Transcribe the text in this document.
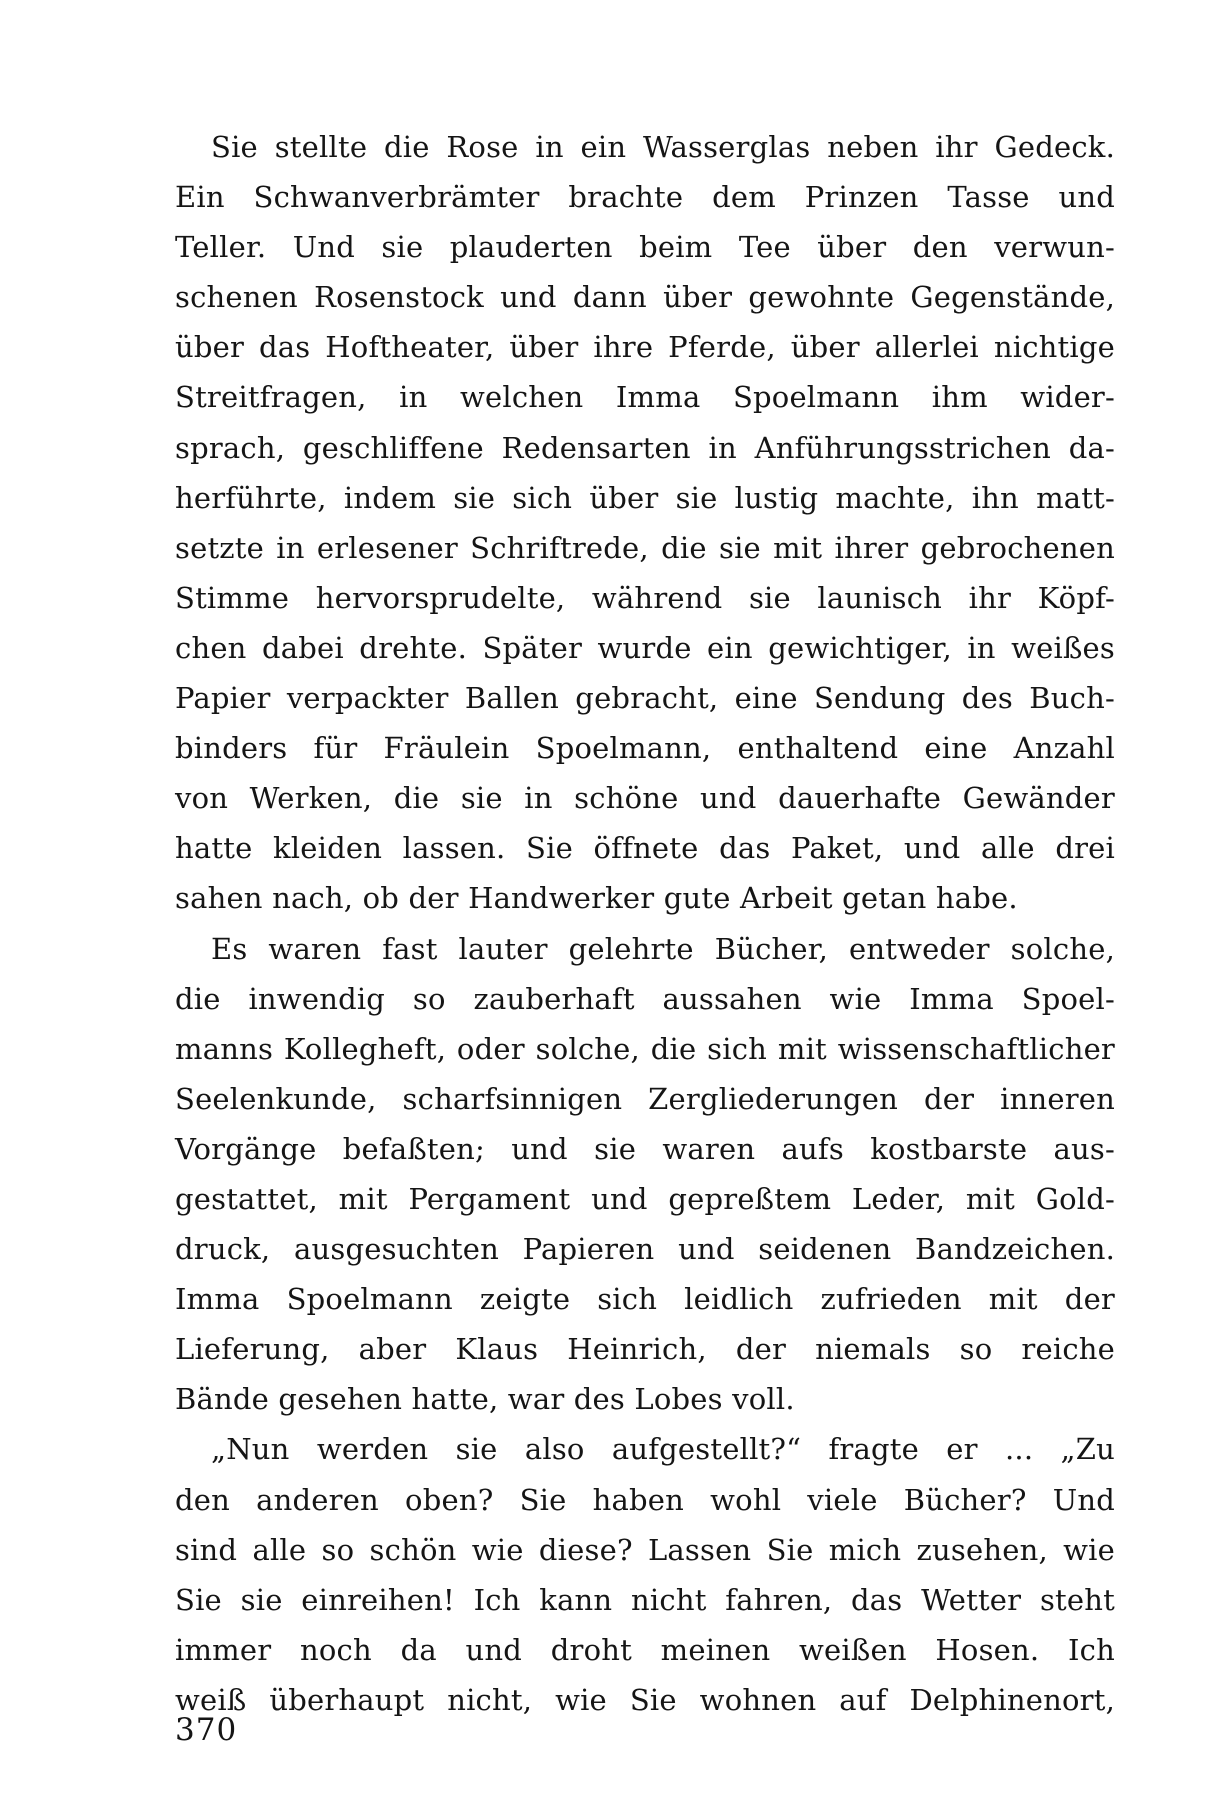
Sie stellte die Rose in ein Wasserglas neben ihr Gedeck.
Ein Schwanverbrämter brachte dem Prinzen Tasse und
Teller. Und sie plauderten beim Tee über den verwun-
schenen Rosenstock und dann über gewohnte Gegenstände,
über das Hoftheater, über ihre Pferde, über allerlei nichtige
Streitfragen, in welchen Imma Spoelmann ihm wider-
sprach, geschliffene Redensarten in Anführungsstrichen da-
herführte, indem sie sich über sie lustig machte, ihn matt-
setzte in erlesener Schriftrede, die sie mit ihrer gebrochenen
Stimme hervorsprudelte, während sie launisch ihr Köpf-
chen dabei drehte. Später wurde ein gewichtiger, in weißes
Papier verpackter Ballen gebracht, eine Sendung des Buch-
binders für Fräulein Spoelmann, enthaltend eine Anzahl
von Werken, die sie in schöne und dauerhafte Gewänder
hatte kleiden lassen. Sie öffnete das Paket, und alle drei
sahen nach, ob der Handwerker gute Arbeit getan habe.
Es waren fast lauter gelehrte Bücher, entweder solche,
die inwendig so zauberhaft aussahen wie Imma Spoel-
manns Kollegheft, oder solche, die sich mit wissenschaftlicher
Seelenkunde, scharfsinnigen Zergliederungen der inneren
Vorgänge befaßten; und sie waren aufs kostbarste aus-
gestattet, mit Pergament und gepreßtem Leder, mit Gold-
druck, ausgesuchten Papieren und seidenen Bandzeichen.
Imma Spoelmann zeigte sich leidlich zufrieden mit der
Lieferung, aber Klaus Heinrich, der niemals so reiche
Bände gesehen hatte, war des Lobes voll.
„Nun werden sie also aufgestellt?“ fragte er ... „Zu
den anderen oben? Sie haben wohl viele Bücher? Und
sind alle so schön wie diese? Lassen Sie mich zusehen, wie
Sie sie einreihen! Ich kann nicht fahren, das Wetter steht
immer noch da und droht meinen weißen Hosen. Ich
weiß überhaupt nicht, wie Sie wohnen auf Delphinenort,
370
